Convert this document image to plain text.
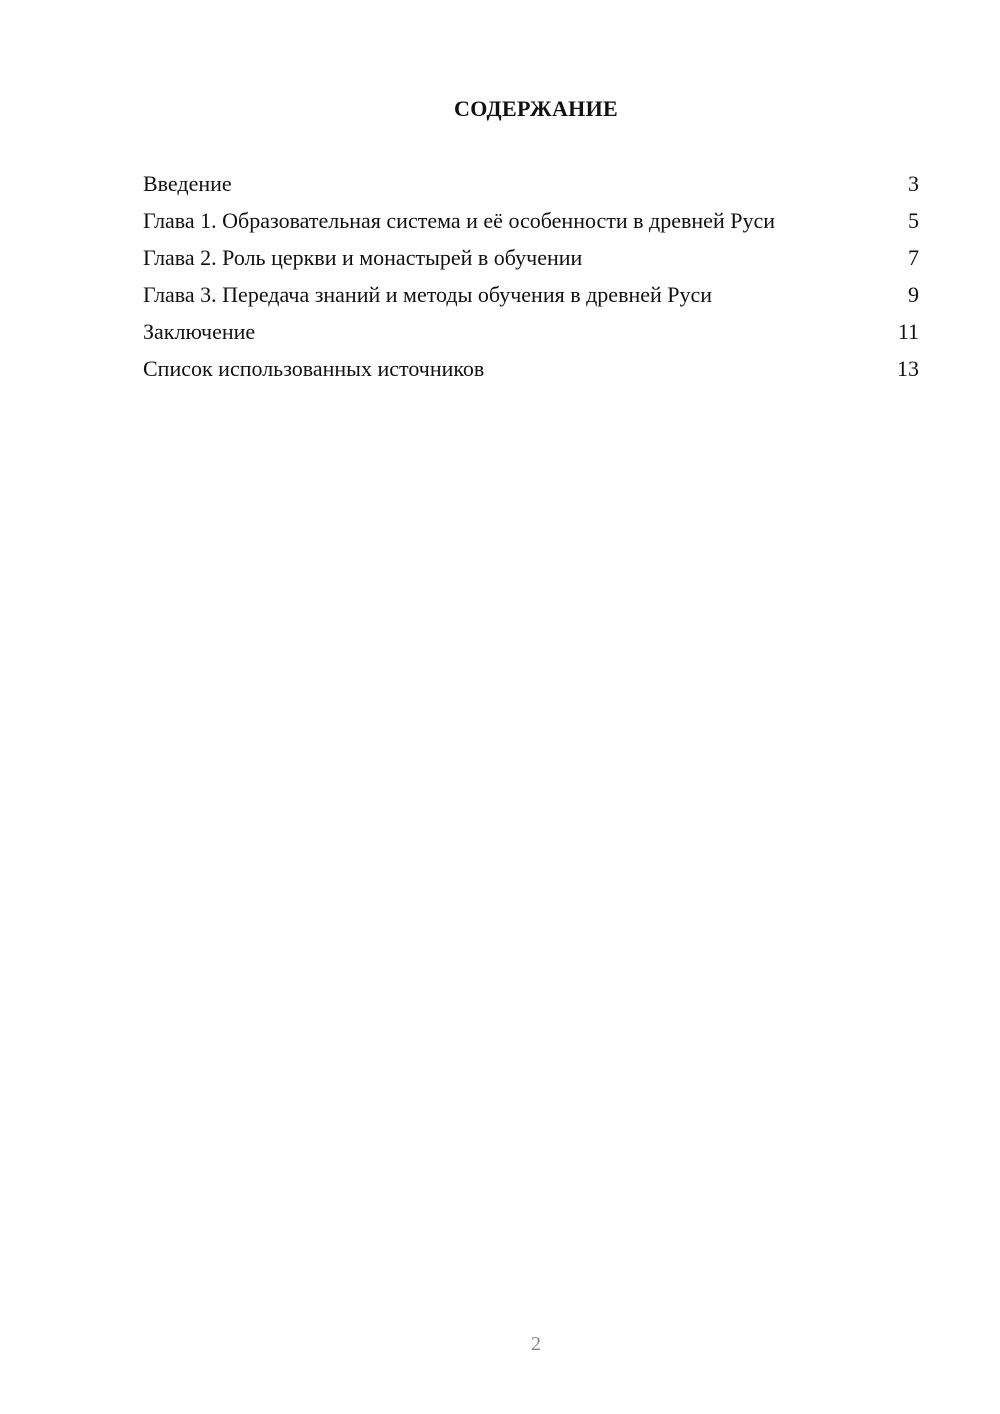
СОДЕРЖАНИЕ
Введение	3
Глава 1. Образовательная система и её особенности в древней Руси	5
Глава 2. Роль церкви и монастырей в обучении	7
Глава 3. Передача знаний и методы обучения в древней Руси	9
Заключение	11
Список использованных источников	13
2
